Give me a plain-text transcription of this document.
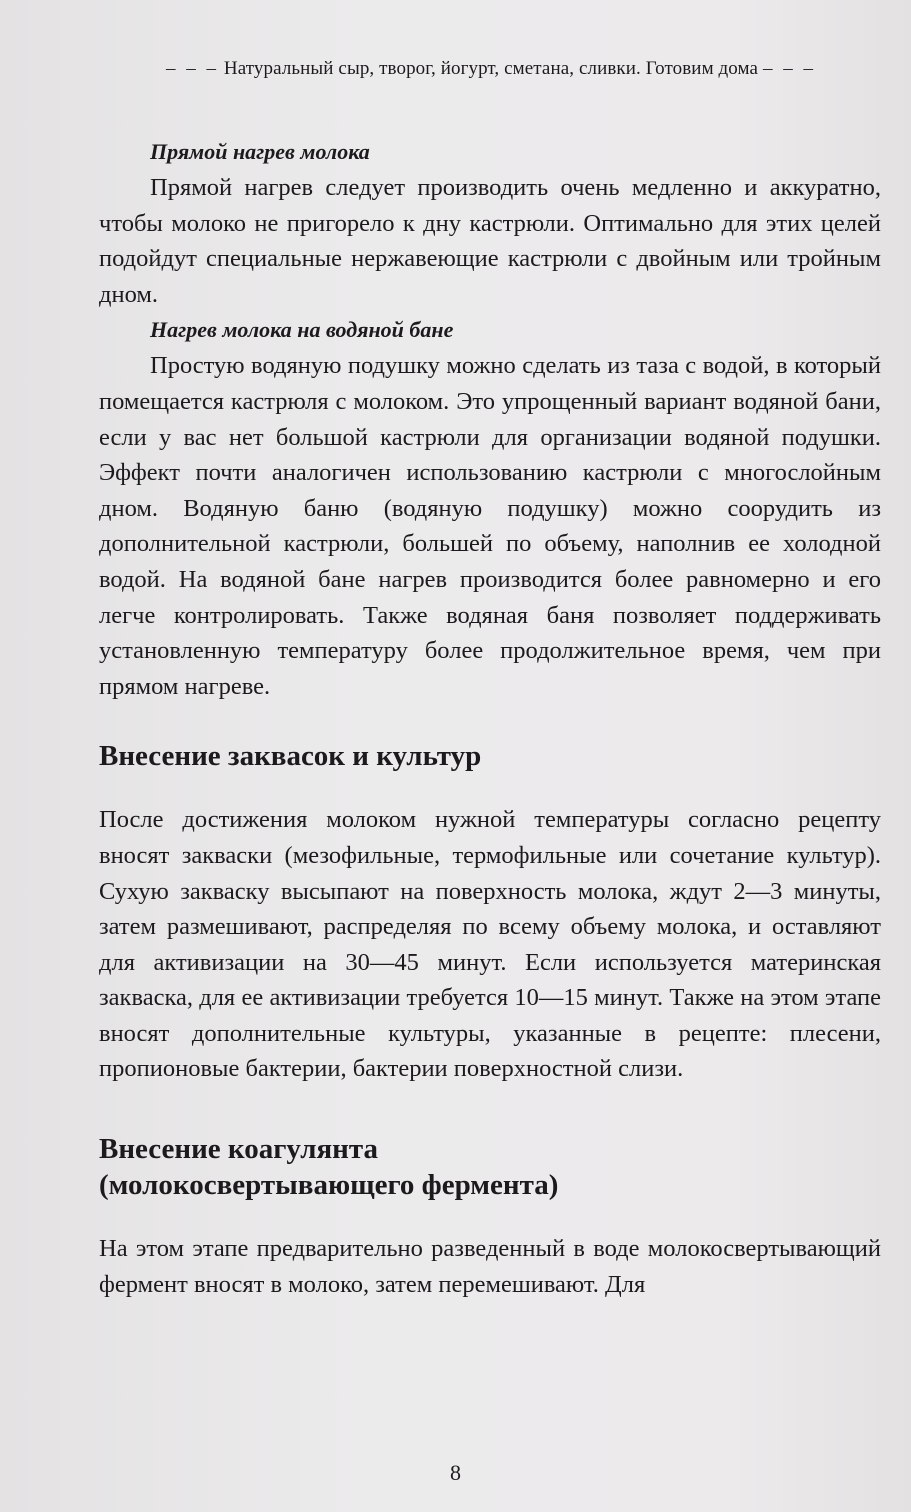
– – – Натуральный сыр, творог, йогурт, сметана, сливки. Готовим дома – – –
Прямой нагрев молока

Прямой нагрев следует производить очень медленно и аккуратно, чтобы молоко не пригорело к дну кастрюли. Оптимально для этих целей подойдут специальные нержавеющие кастрюли с двойным или тройным дном.

Нагрев молока на водяной бане

Простую водяную подушку можно сделать из таза с водой, в который помещается кастрюля с молоком. Это упрощенный вариант водяной бани, если у вас нет большой кастрюли для организации водяной подушки. Эффект почти аналогичен использованию кастрюли с многослойным дном. Водяную баню (водяную подушку) можно соорудить из дополнительной кастрюли, большей по объему, наполнив ее холодной водой. На водяной бане нагрев производится более равномерно и его легче контролировать. Также водяная баня позволяет поддерживать установленную температуру более продолжительное время, чем при прямом нагреве.

Внесение заквасок и культур

После достижения молоком нужной температуры согласно рецепту вносят закваски (мезофильные, термофильные или сочетание культур). Сухую закваску высыпают на поверхность молока, ждут 2—3 минуты, затем размешивают, распределяя по всему объему молока, и оставляют для активизации на 30—45 минут. Если используется материнская закваска, для ее активизации требуется 10—15 минут. Также на этом этапе вносят дополнительные культуры, указанные в рецепте: плесени, пропионовые бактерии, бактерии поверхностной слизи.

Внесение коагулянта
(молокосвертывающего фермента)

На этом этапе предварительно разведенный в воде молокосвертывающий фермент вносят в молоко, затем перемешивают. Для

8
